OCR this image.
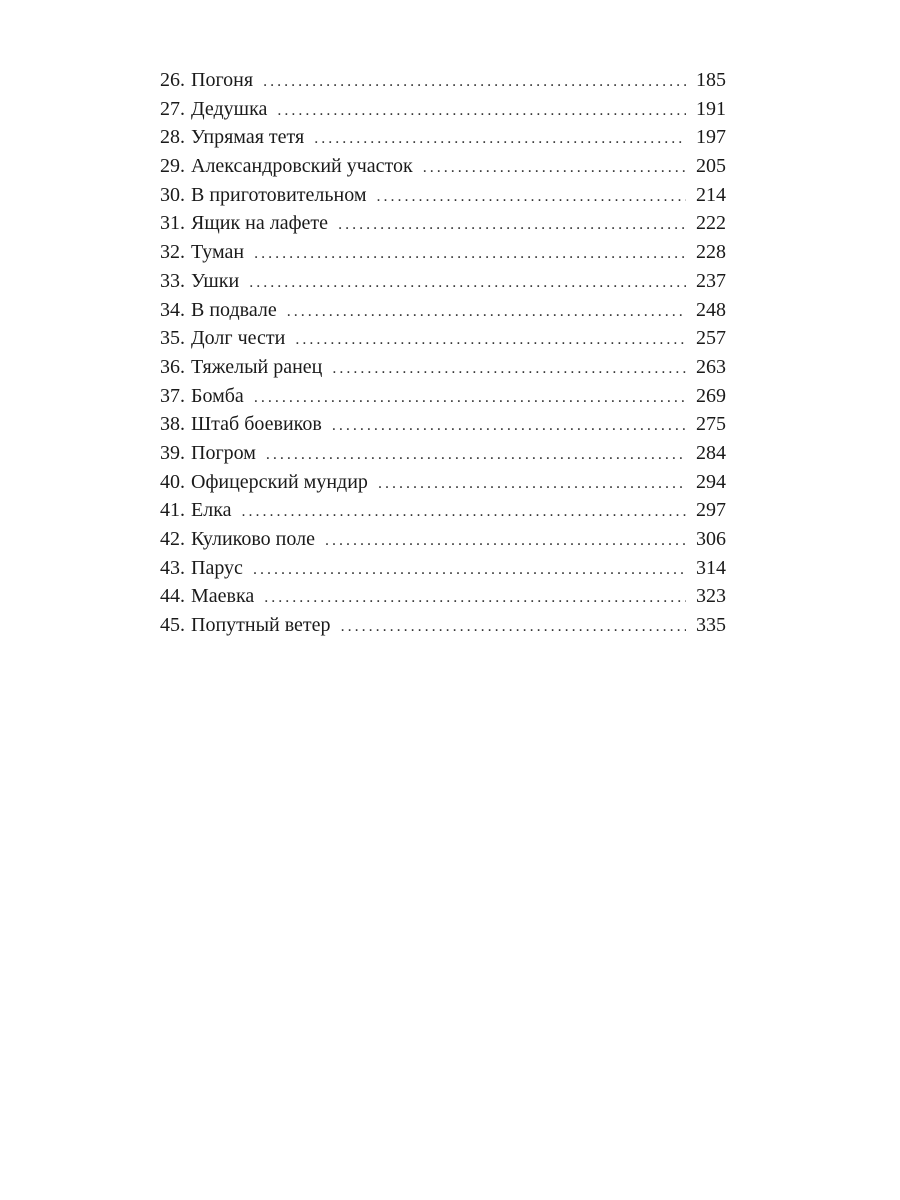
26. Погоня . . .	185
27. Дедушка . . .	191
28. Упрямая тетя . . .	197
29. Александровский участок . . .	205
30. В приготовительном . . .	214
31. Ящик на лафете . . .	222
32. Туман . . .	228
33. Ушки . . .	237
34. В подвале . . .	248
35. Долг чести . . .	257
36. Тяжелый ранец . . .	263
37. Бомба . . .	269
38. Штаб боевиков . . .	275
39. Погром . . .	284
40. Офицерский мундир . . .	294
41. Елка . . .	297
42. Куликово поле . . .	306
43. Парус . . .	314
44. Маевка . . .	323
45. Попутный ветер . . .	335
